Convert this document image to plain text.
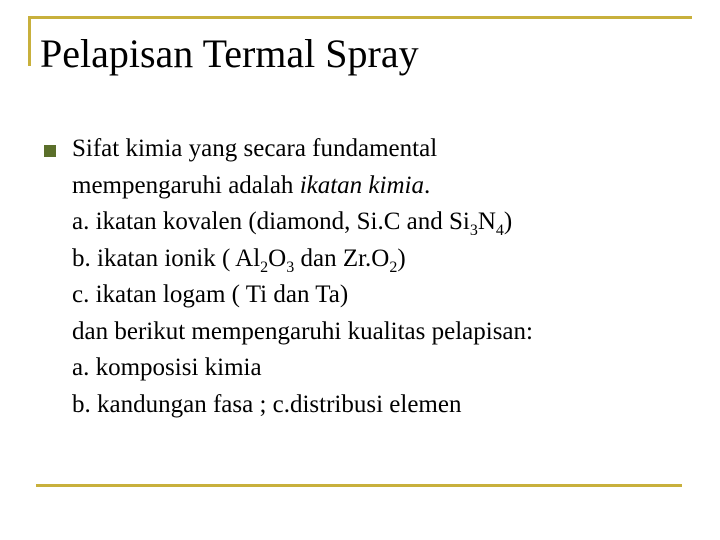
Pelapisan Termal Spray
Sifat kimia yang secara fundamental
mempengaruhi adalah ikatan kimia.
a. ikatan kovalen (diamond, Si.C and $Si_3N_4$)
b. ikatan ionik ( $Al_2O_3$ dan $Zr.O_2$)
c. ikatan logam ( Ti dan Ta)
dan berikut mempengaruhi kualitas pelapisan:
a. komposisi kimia
b. kandungan fasa ; c.distribusi elemen
